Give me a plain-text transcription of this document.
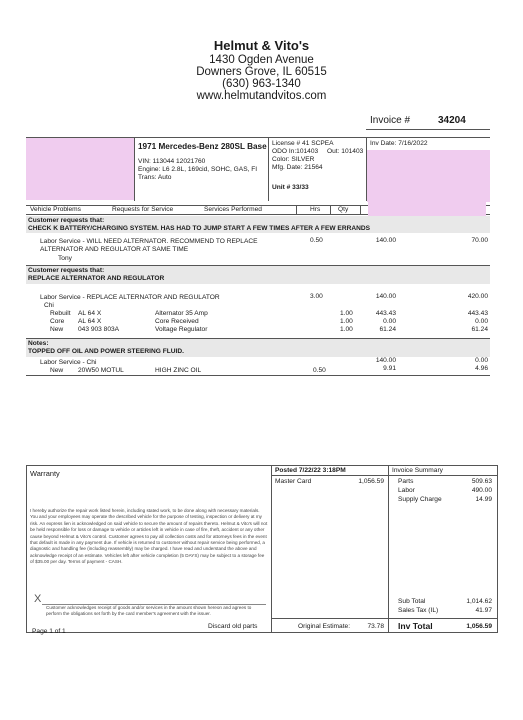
Helmut & Vito's
1430 Ogden Avenue
Downers Grove, IL 60515
(630) 963-1340
www.helmutandvitos.com
Invoice #	34204
1971 Mercedes-Benz 280SL Base
VIN: 113044 12021760
Engine: L6 2.8L, 169cid, SOHC, GAS, FI
Trans: Auto
License # 41 SCPEA
ODO In:101403 Out: 101403
Color: SILVER
Mfg. Date: 21564
Unit # 33/33
Inv Date: 7/16/2022
Vehicle Problems	Requests for Service	Services Performed	Hrs	Qty
Customer requests that:
CHECK K BATTERY/CHARGING SYSTEM. HAS HAD TO JUMP START A FEW TIMES AFTER A FEW ERRANDS
Labor Service - WILL NEED ALTERNATOR. RECOMMEND TO REPLACE
ALTERNATOR AND REGULATOR AT SAME TIME
Tony
0.50	140.00	70.00
Customer requests that:
REPLACE ALTERNATOR AND REGULATOR
Labor Service - REPLACE ALTERNATOR AND REGULATOR
Chi
3.00	140.00	420.00
Rebuilt AL 64 X	Alternator 35 Amp	1.00	443.43	443.43
Core AL 64 X	Core Received	1.00	0.00	0.00
New 043 903 803A	Voltage Regulator	1.00	61.24	61.24
Notes:
TOPPED OFF OIL AND POWER STEERING FLUID.
Labor Service - Chi	140.00	0.00
New 20W50 MOTUL	HIGH ZINC OIL	0.50	9.91	4.96
Warranty
I hereby authorize the repair work listed herein, including stated work, to be done along with necessary materials. You and your employees may operate the described vehicle for the purpose of testing, inspection or delivery at my risk. An express lien is acknowledged on said vehicle to secure the amount of repairs thereto. Helmut & Vito's will not be held responsible for loss or damage to vehicle or articles left in vehicle in case of fire, theft, accident or any other cause beyond Helmut & Vito's control. Customer agrees to pay all collection costs and for attorneys fees in the event that default is made in any payment due. If vehicle is returned to customer without repair service being performed, a diagnostic and handling fee (including reassembly) may be charged. I have read and understand the above and acknowledge receipt of an estimate. Vehicles left after vehicle completion (5 DAYS) may be subject to a storage fee of $35.00 per day. Terms of payment - CASH.
X
Customer acknowledges receipt of goods and/or services in the amount shown hereon and agrees to perform the obligations set forth by the card member's agreement with the issuer.
Posted 7/22/22 3:18PM
Master Card	1,056.59
Invoice Summary
Parts	509.63
Labor	490.00
Supply Charge	14.99
Sub Total	1,014.62
Sales Tax (IL)	41.97
Page 1 of 1
Discard old parts	Original Estimate:	73.78 Inv Total	1,056.59
